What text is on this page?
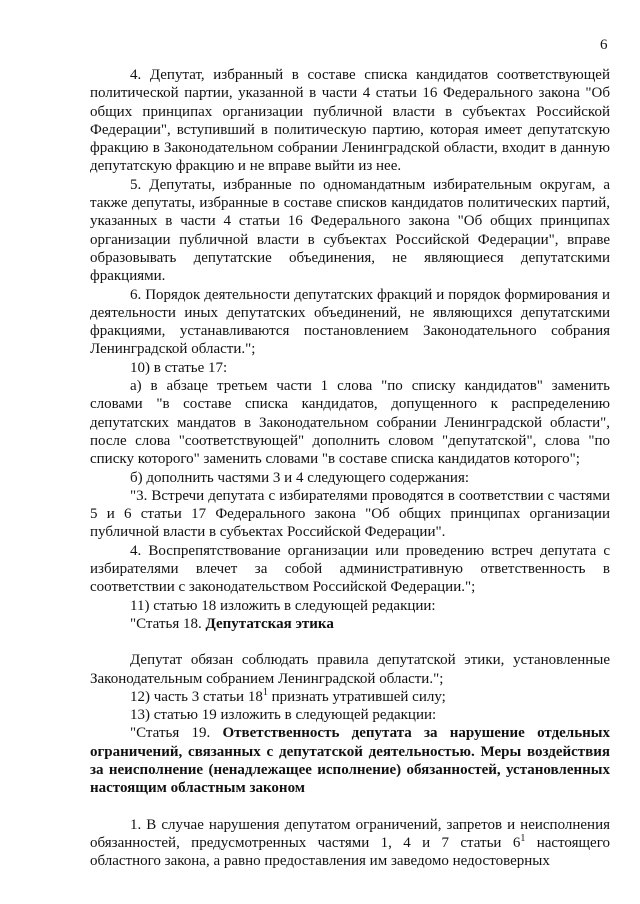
6

4. Депутат, избранный в составе списка кандидатов соответствующей политической партии, указанной в части 4 статьи 16 Федерального закона "Об общих принципах организации публичной власти в субъектах Российской Федерации", вступивший в политическую партию, которая имеет депутатскую фракцию в Законодательном собрании Ленинградской области, входит в данную депутатскую фракцию и не вправе выйти из нее.

5. Депутаты, избранные по одномандатным избирательным округам, а также депутаты, избранные в составе списков кандидатов политических партий, указанных в части 4 статьи 16 Федерального закона "Об общих принципах организации публичной власти в субъектах Российской Федерации", вправе образовывать депутатские объединения, не являющиеся депутатскими фракциями.

6. Порядок деятельности депутатских фракций и порядок формирования и деятельности иных депутатских объединений, не являющихся депутатскими фракциями, устанавливаются постановлением Законодательного собрания Ленинградской области.";

10) в статье 17:

а) в абзаце третьем части 1 слова "по списку кандидатов" заменить словами "в составе списка кандидатов, допущенного к распределению депутатских мандатов в Законодательном собрании Ленинградской области", после слова "соответствующей" дополнить словом "депутатской", слова "по списку которого" заменить словами "в составе списка кандидатов которого";

б) дополнить частями 3 и 4 следующего содержания:

"3. Встречи депутата с избирателями проводятся в соответствии с частями 5 и 6 статьи 17 Федерального закона "Об общих принципах организации публичной власти в субъектах Российской Федерации".

4. Воспрепятствование организации или проведению встреч депутата с избирателями влечет за собой административную ответственность в соответствии с законодательством Российской Федерации.";

11) статью 18 изложить в следующей редакции:

"Статья 18. Депутатская этика

Депутат обязан соблюдать правила депутатской этики, установленные Законодательным собранием Ленинградской области.";

12) часть 3 статьи $18^1$ признать утратившей силу;

13) статью 19 изложить в следующей редакции:

"Статья 19. Ответственность депутата за нарушение отдельных ограничений, связанных с депутатской деятельностью. Меры воздействия за неисполнение (ненадлежащее исполнение) обязанностей, установленных настоящим областным законом

1. В случае нарушения депутатом ограничений, запретов и неисполнения обязанностей, предусмотренных частями 1, 4 и 7 статьи $6^1$ настоящего областного закона, а равно предоставления им заведомо недостоверных
